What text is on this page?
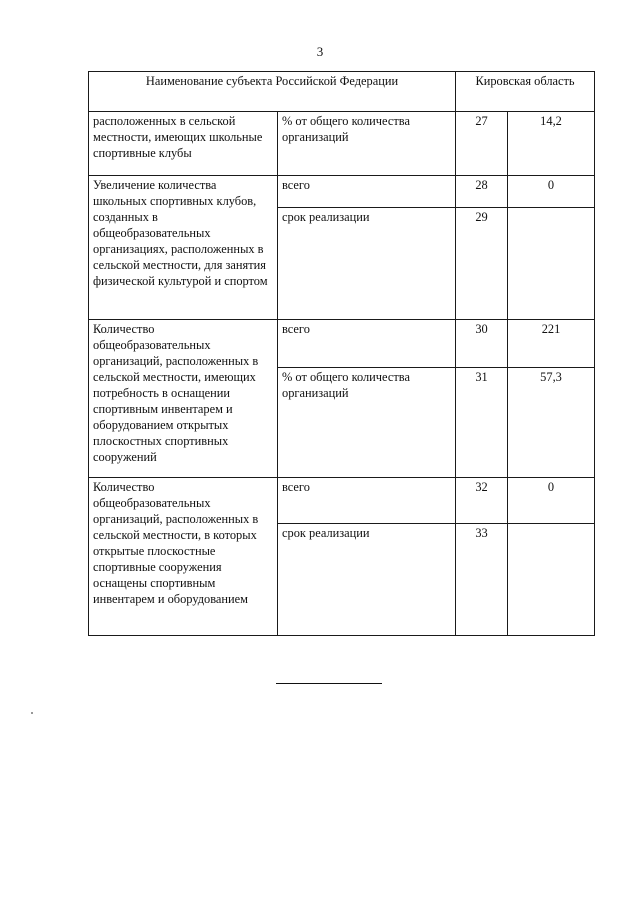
3
Наименование субъекта Российской Федерации		Кировская область	
расположенных в сельской местности, имеющих школьные спортивные клубы	% от общего количества организаций	27	14,2
Увеличение количества школьных спортивных клубов, созданных в общеобразовательных организациях, расположенных в сельской местности, для занятия физической культурой и спортом	всего	28	0
	срок реализации	29	
Количество общеобразовательных организаций, расположенных в сельской местности, имеющих потребность в оснащении спортивным инвентарем и оборудованием открытых плоскостных спортивных сооружений	всего	30	221
	% от общего количества организаций	31	57,3
Количество общеобразовательных организаций, расположенных в сельской местности, в которых открытые плоскостные спортивные сооружения оснащены спортивным инвентарем и оборудованием	всего	32	0
	срок реализации	33	
